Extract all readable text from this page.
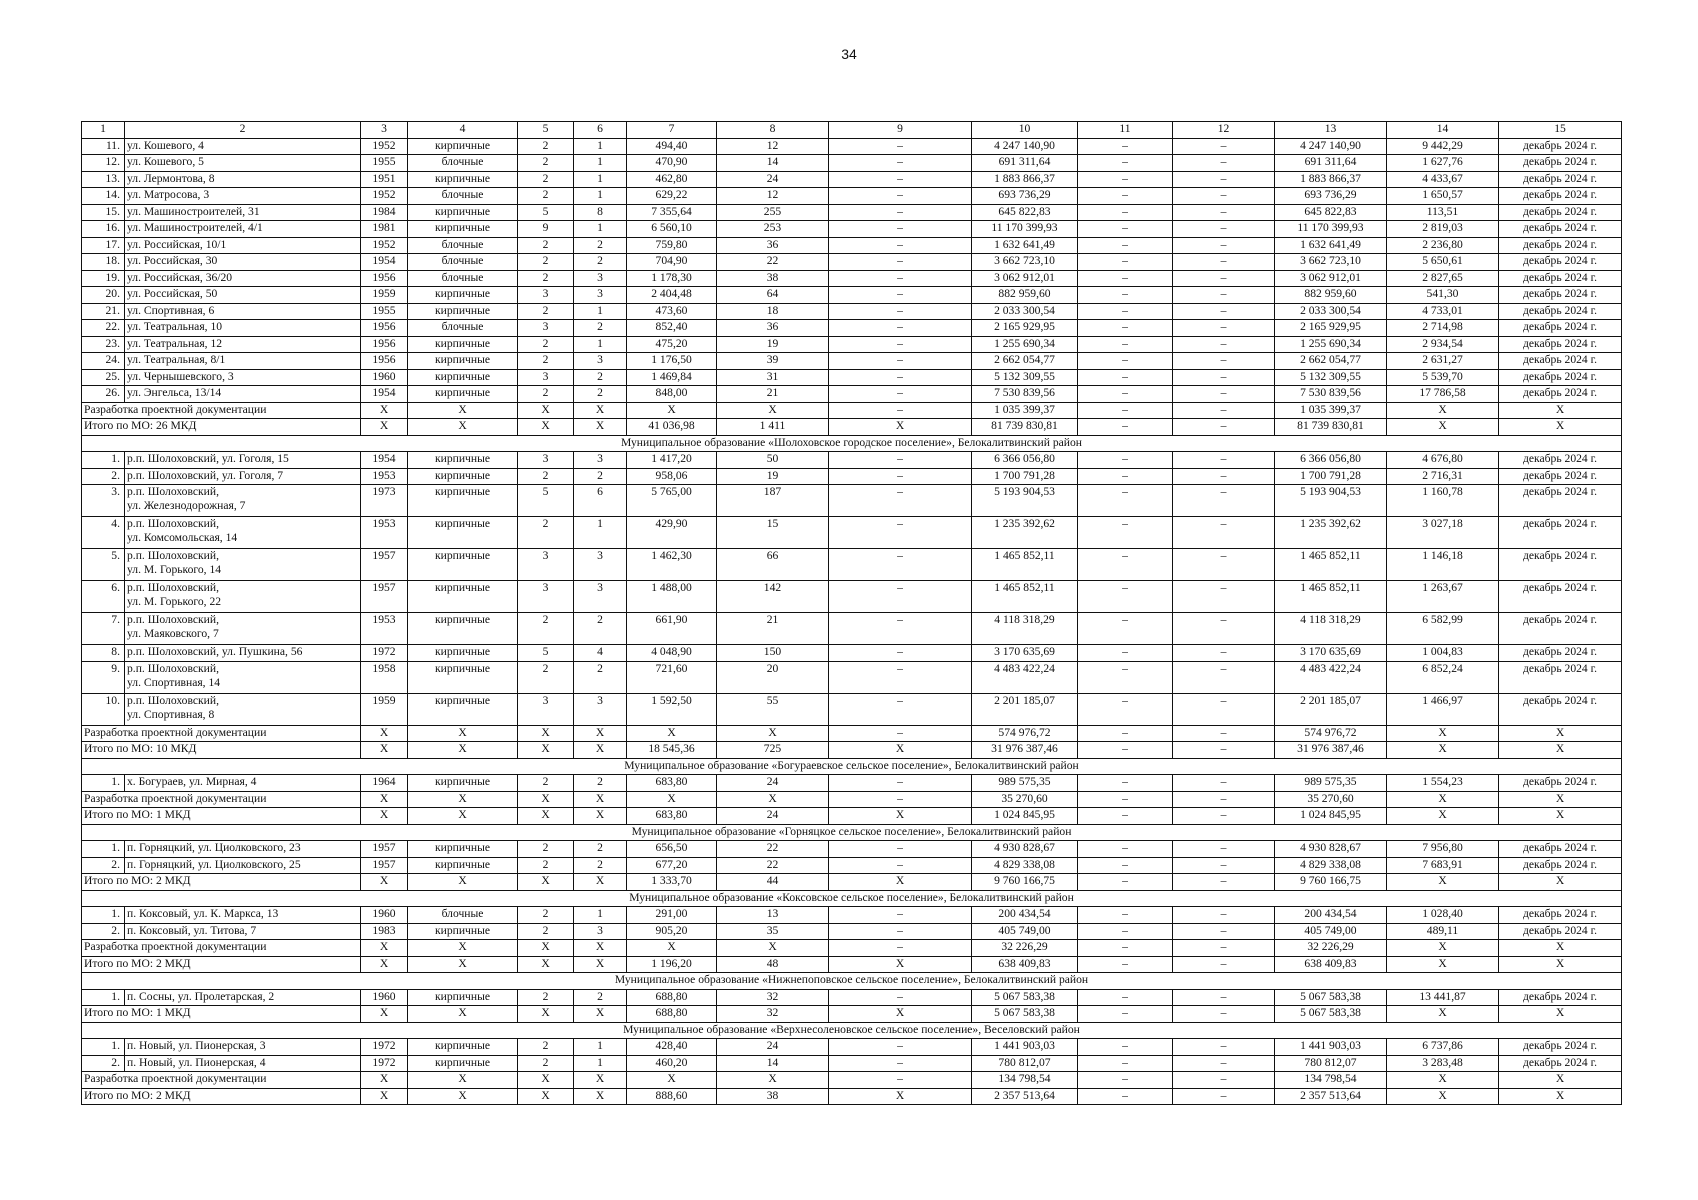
34
1	2	3	4	5	6	7	8	9	10	11	12	13	14	15
11.	ул. Кошевого, 4	1952	кирпичные	2	1	494,40	12	–	4 247 140,90	–	–	4 247 140,90	9 442,29	декабрь 2024 г.
12.	ул. Кошевого, 5	1955	блочные	2	1	470,90	14	–	691 311,64	–	–	691 311,64	1 627,76	декабрь 2024 г.
13.	ул. Лермонтова, 8	1951	кирпичные	2	1	462,80	24	–	1 883 866,37	–	–	1 883 866,37	4 433,67	декабрь 2024 г.
14.	ул. Матросова, 3	1952	блочные	2	1	629,22	12	–	693 736,29	–	–	693 736,29	1 650,57	декабрь 2024 г.
15.	ул. Машиностроителей, 31	1984	кирпичные	5	8	7 355,64	255	–	645 822,83	–	–	645 822,83	113,51	декабрь 2024 г.
16.	ул. Машиностроителей, 4/1	1981	кирпичные	9	1	6 560,10	253	–	11 170 399,93	–	–	11 170 399,93	2 819,03	декабрь 2024 г.
17.	ул. Российская, 10/1	1952	блочные	2	2	759,80	36	–	1 632 641,49	–	–	1 632 641,49	2 236,80	декабрь 2024 г.
18.	ул. Российская, 30	1954	блочные	2	2	704,90	22	–	3 662 723,10	–	–	3 662 723,10	5 650,61	декабрь 2024 г.
19.	ул. Российская, 36/20	1956	блочные	2	3	1 178,30	38	–	3 062 912,01	–	–	3 062 912,01	2 827,65	декабрь 2024 г.
20.	ул. Российская, 50	1959	кирпичные	3	3	2 404,48	64	–	882 959,60	–	–	882 959,60	541,30	декабрь 2024 г.
21.	ул. Спортивная, 6	1955	кирпичные	2	1	473,60	18	–	2 033 300,54	–	–	2 033 300,54	4 733,01	декабрь 2024 г.
22.	ул. Театральная, 10	1956	блочные	3	2	852,40	36	–	2 165 929,95	–	–	2 165 929,95	2 714,98	декабрь 2024 г.
23.	ул. Театральная, 12	1956	кирпичные	2	1	475,20	19	–	1 255 690,34	–	–	1 255 690,34	2 934,54	декабрь 2024 г.
24.	ул. Театральная, 8/1	1956	кирпичные	2	3	1 176,50	39	–	2 662 054,77	–	–	2 662 054,77	2 631,27	декабрь 2024 г.
25.	ул. Чернышевского, 3	1960	кирпичные	3	2	1 469,84	31	–	5 132 309,55	–	–	5 132 309,55	5 539,70	декабрь 2024 г.
26.	ул. Энгельса, 13/14	1954	кирпичные	2	2	848,00	21	–	7 530 839,56	–	–	7 530 839,56	17 786,58	декабрь 2024 г.
Разработка проектной документации		X	X	X	X	X	X	–	1 035 399,37	–	–	1 035 399,37	X	X
Итого по МО: 26 МКД		X	X	X	X	41 036,98	1 411	X	81 739 830,81	–	–	81 739 830,81	X	X
Муниципальное образование «Шолоховское городское поселение», Белокалитвинский район														
1.	р.п. Шолоховский, ул. Гоголя, 15	1954	кирпичные	3	3	1 417,20	50	–	6 366 056,80	–	–	6 366 056,80	4 676,80	декабрь 2024 г.
2.	р.п. Шолоховский, ул. Гоголя, 7	1953	кирпичные	2	2	958,06	19	–	1 700 791,28	–	–	1 700 791,28	2 716,31	декабрь 2024 г.
3.	р.п. Шолоховский,
ул. Железнодорожная, 7	1973	кирпичные	5	6	5 765,00	187	–	5 193 904,53	–	–	5 193 904,53	1 160,78	декабрь 2024 г.
4.	р.п. Шолоховский,
ул. Комсомольская, 14	1953	кирпичные	2	1	429,90	15	–	1 235 392,62	–	–	1 235 392,62	3 027,18	декабрь 2024 г.
5.	р.п. Шолоховский,
ул. М. Горького, 14	1957	кирпичные	3	3	1 462,30	66	–	1 465 852,11	–	–	1 465 852,11	1 146,18	декабрь 2024 г.
6.	р.п. Шолоховский,
ул. М. Горького, 22	1957	кирпичные	3	3	1 488,00	142	–	1 465 852,11	–	–	1 465 852,11	1 263,67	декабрь 2024 г.
7.	р.п. Шолоховский,
ул. Маяковского, 7	1953	кирпичные	2	2	661,90	21	–	4 118 318,29	–	–	4 118 318,29	6 582,99	декабрь 2024 г.
8.	р.п. Шолоховский, ул. Пушкина, 56	1972	кирпичные	5	4	4 048,90	150	–	3 170 635,69	–	–	3 170 635,69	1 004,83	декабрь 2024 г.
9.	р.п. Шолоховский,
ул. Спортивная, 14	1958	кирпичные	2	2	721,60	20	–	4 483 422,24	–	–	4 483 422,24	6 852,24	декабрь 2024 г.
10.	р.п. Шолоховский,
ул. Спортивная, 8	1959	кирпичные	3	3	1 592,50	55	–	2 201 185,07	–	–	2 201 185,07	1 466,97	декабрь 2024 г.
Разработка проектной документации		X	X	X	X	X	X	–	574 976,72	–	–	574 976,72	X	X
Итого по МО: 10 МКД		X	X	X	X	18 545,36	725	X	31 976 387,46	–	–	31 976 387,46	X	X
Муниципальное образование «Богураевское сельское поселение», Белокалитвинский район														
1.	х. Богураев, ул. Мирная, 4	1964	кирпичные	2	2	683,80	24	–	989 575,35	–	–	989 575,35	1 554,23	декабрь 2024 г.
Разработка проектной документации		X	X	X	X	X	X	–	35 270,60	–	–	35 270,60	X	X
Итого по МО: 1 МКД		X	X	X	X	683,80	24	X	1 024 845,95	–	–	1 024 845,95	X	X
Муниципальное образование «Горняцкое сельское поселение», Белокалитвинский район														
1.	п. Горняцкий, ул. Циолковского, 23	1957	кирпичные	2	2	656,50	22	–	4 930 828,67	–	–	4 930 828,67	7 956,80	декабрь 2024 г.
2.	п. Горняцкий, ул. Циолковского, 25	1957	кирпичные	2	2	677,20	22	–	4 829 338,08	–	–	4 829 338,08	7 683,91	декабрь 2024 г.
Итого по МО: 2 МКД		X	X	X	X	1 333,70	44	X	9 760 166,75	–	–	9 760 166,75	X	X
Муниципальное образование «Коксовское сельское поселение», Белокалитвинский район														
1.	п. Коксовый, ул. К. Маркса, 13	1960	блочные	2	1	291,00	13	–	200 434,54	–	–	200 434,54	1 028,40	декабрь 2024 г.
2.	п. Коксовый, ул. Титова, 7	1983	кирпичные	2	3	905,20	35	–	405 749,00	–	–	405 749,00	489,11	декабрь 2024 г.
Разработка проектной документации		X	X	X	X	X	X	–	32 226,29	–	–	32 226,29	X	X
Итого по МО: 2 МКД		X	X	X	X	1 196,20	48	X	638 409,83	–	–	638 409,83	X	X
Муниципальное образование «Нижнепоповское сельское поселение», Белокалитвинский район														
1.	п. Сосны, ул. Пролетарская, 2	1960	кирпичные	2	2	688,80	32	–	5 067 583,38	–	–	5 067 583,38	13 441,87	декабрь 2024 г.
Итого по МО: 1 МКД		X	X	X	X	688,80	32	X	5 067 583,38	–	–	5 067 583,38	X	X
Муниципальное образование «Верхнесоленовское сельское поселение», Веселовский район														
1.	п. Новый, ул. Пионерская, 3	1972	кирпичные	2	1	428,40	24	–	1 441 903,03	–	–	1 441 903,03	6 737,86	декабрь 2024 г.
2.	п. Новый, ул. Пионерская, 4	1972	кирпичные	2	1	460,20	14	–	780 812,07	–	–	780 812,07	3 283,48	декабрь 2024 г.
Разработка проектной документации		X	X	X	X	X	X	–	134 798,54	–	–	134 798,54	X	X
Итого по МО: 2 МКД		X	X	X	X	888,60	38	X	2 357 513,64	–	–	2 357 513,64	X	X
